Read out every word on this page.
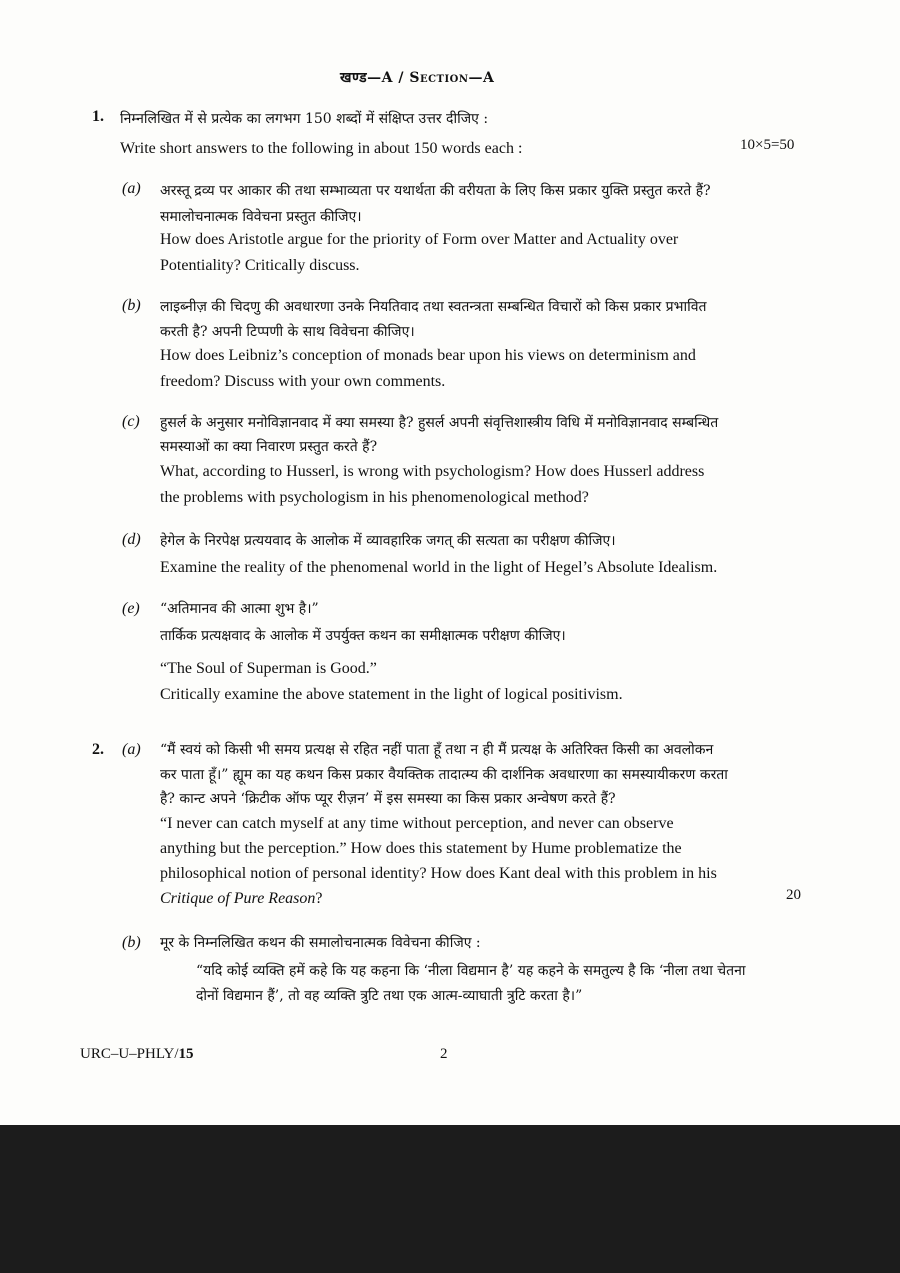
खण्ड—A / Section—A
1. निम्नलिखित में से प्रत्येक का लगभग 150 शब्दों में संक्षिप्त उत्तर दीजिए :
Write short answers to the following in about 150 words each :	10×5=50
(a) अरस्तू द्रव्य पर आकार की तथा सम्भाव्यता पर यथार्थता की वरीयता के लिए किस प्रकार युक्ति प्रस्तुत करते हैं?
समालोचनात्मक विवेचना प्रस्तुत कीजिए।
How does Aristotle argue for the priority of Form over Matter and Actuality over
Potentiality? Critically discuss.
(b) लाइब्नीज़ की चिदणु की अवधारणा उनके नियतिवाद तथा स्वतन्त्रता सम्बन्धित विचारों को किस प्रकार प्रभावित
करती है? अपनी टिप्पणी के साथ विवेचना कीजिए।
How does Leibniz’s conception of monads bear upon his views on determinism and
freedom? Discuss with your own comments.
(c) हुसर्ल के अनुसार मनोविज्ञानवाद में क्या समस्या है? हुसर्ल अपनी संवृत्तिशास्त्रीय विधि में मनोविज्ञानवाद सम्बन्धित
समस्याओं का क्या निवारण प्रस्तुत करते हैं?
What, according to Husserl, is wrong with psychologism? How does Husserl address
the problems with psychologism in his phenomenological method?
(d) हेगेल के निरपेक्ष प्रत्ययवाद के आलोक में व्यावहारिक जगत् की सत्यता का परीक्षण कीजिए।
Examine the reality of the phenomenal world in the light of Hegel’s Absolute Idealism.
(e) “अतिमानव की आत्मा शुभ है।”
तार्किक प्रत्यक्षवाद के आलोक में उपर्युक्त कथन का समीक्षात्मक परीक्षण कीजिए।
“The Soul of Superman is Good.”
Critically examine the above statement in the light of logical positivism.
2. (a) “मैं स्वयं को किसी भी समय प्रत्यक्ष से रहित नहीं पाता हूँ तथा न ही मैं प्रत्यक्ष के अतिरिक्त किसी का अवलोकन
कर पाता हूँ।” ह्यूम का यह कथन किस प्रकार वैयक्तिक तादात्म्य की दार्शनिक अवधारणा का समस्यायीकरण करता
है? कान्ट अपने ‘क्रिटीक ऑफ प्यूर रीज़न’ में इस समस्या का किस प्रकार अन्वेषण करते हैं?
“I never can catch myself at any time without perception, and never can observe
anything but the perception.” How does this statement by Hume problematize the
philosophical notion of personal identity? How does Kant deal with this problem in his
Critique of Pure Reason?	20
(b) मूर के निम्नलिखित कथन की समालोचनात्मक विवेचना कीजिए :
“यदि कोई व्यक्ति हमें कहे कि यह कहना कि ‘नीला विद्यमान है’ यह कहने के समतुल्य है कि ‘नीला तथा चेतना
दोनों विद्यमान हैं’, तो वह व्यक्ति त्रुटि तथा एक आत्म-व्याघाती त्रुटि करता है।”
URC–U–PHLY/15	2
